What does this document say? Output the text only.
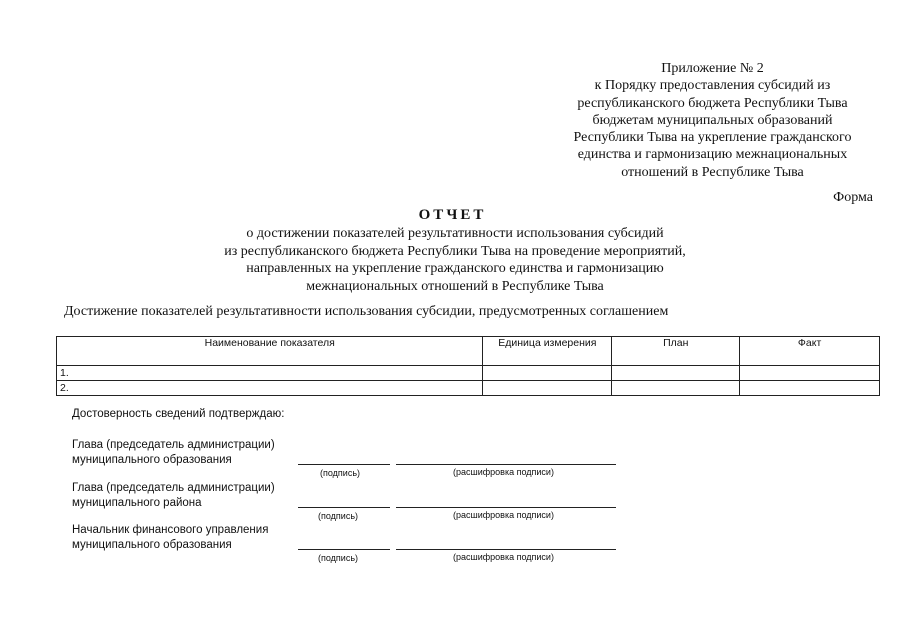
Приложение № 2
к Порядку предоставления субсидий из
республиканского бюджета Республики Тыва
бюджетам муниципальных образований
Республики Тыва на укрепление гражданского
единства и гармонизацию межнациональных
отношений в Республике Тыва
Форма
ОТЧЕТ
о достижении показателей результативности использования субсидий
из республиканского бюджета Республики Тыва на проведение мероприятий,
направленных на укрепление гражданского единства и гармонизацию
межнациональных отношений в Республике Тыва
Достижение показателей результативности использования субсидии, предусмотренных соглашением
Наименование показателя	Единица измерения	План	Факт
1.			
2.			
Достоверность сведений подтверждаю:
Глава (председатель администрации)
муниципального образования
(подпись)	(расшифровка подписи)
Глава (председатель администрации)
муниципального района
(подпись)	(расшифровка подписи)
Начальник финансового управления
муниципального образования
(подпись)	(расшифровка подписи)
